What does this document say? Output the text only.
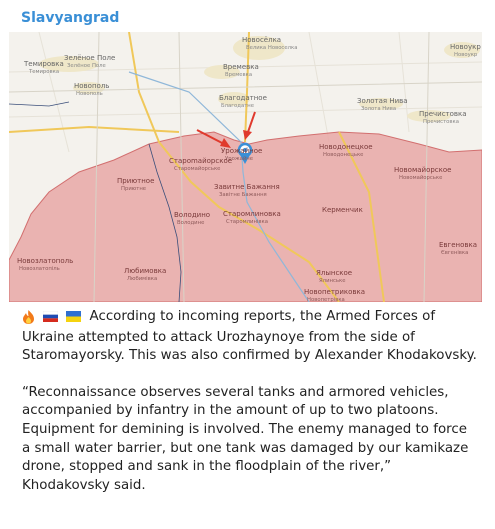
Slavyangrad
Темировка
Темировка
Зелёное Поле
Зелёное Поле
Новосёлка
Велика Новоселка
Времевка
Времевка
Новоукр
Новоукр
Новополь
Новополь	Благодатное
Благодатне
Золотая Нива
Золота Нива
Пречистовка
Пречистовка
Урожайное
Урожайне
Новодонецкое
Новодонецьке
Староmайорское
Старомайорське	Новомайорское
Новомайорське
Приютное
Приютне	Завитне Бажання
Завітне Бажання
Керменчик
Володино
Володине
Старомлиновка
Старомлинівка
Евгеновка
Євгенівка
Новозлатополь
Новозлатопіль	Любимовка
Любимівка
Ялынское
Ялинське
Новопетриковка
Новопетрівка

According to incoming reports, the Armed Forces of Ukraine attempted to attack Urozhaynoye from the side of Staromayorsky. This was also confirmed by Alexander Khodakovsky.

“Reconnaissance observes several tanks and armored vehicles, accompanied by infantry in the amount of up to two platoons. Equipment for demining is involved. The enemy managed to force a small water barrier, but one tank was damaged by our kamikaze drone, stopped and sank in the floodplain of the river,” Khodakovsky said.
